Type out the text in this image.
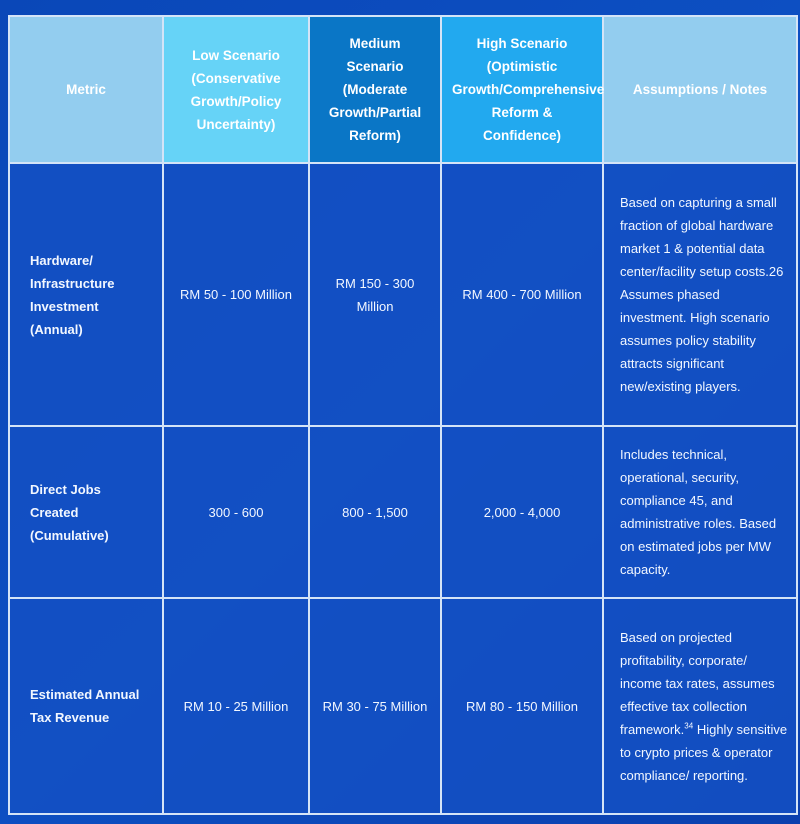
Metric	Low Scenario (Conservative Growth/Policy Uncertainty)	Medium Scenario (Moderate Growth/Partial Reform)	High Scenario (Optimistic Growth/Comprehensive Reform & Confidence)	Assumptions / Notes
Hardware/ Infrastructure Investment (Annual)	RM 50 - 100 Million	RM 150 - 300 Million	RM 400 - 700 Million	Based on capturing a small fraction of global hardware market 1 & potential data center/facility setup costs.26 Assumes phased investment. High scenario assumes policy stability attracts significant new/existing players.
Direct Jobs Created (Cumulative)	300 - 600	800 - 1,500	2,000 - 4,000	Includes technical, operational, security, compliance 45, and administrative roles. Based on estimated jobs per MW capacity.
Estimated Annual Tax Revenue	RM 10 - 25 Million	RM 30 - 75 Million	RM 80 - 150 Million	Based on projected profitability, corporate/ income tax rates, assumes effective tax collection framework.$^{34}$ Highly sensitive to crypto prices & operator compliance/ reporting.
